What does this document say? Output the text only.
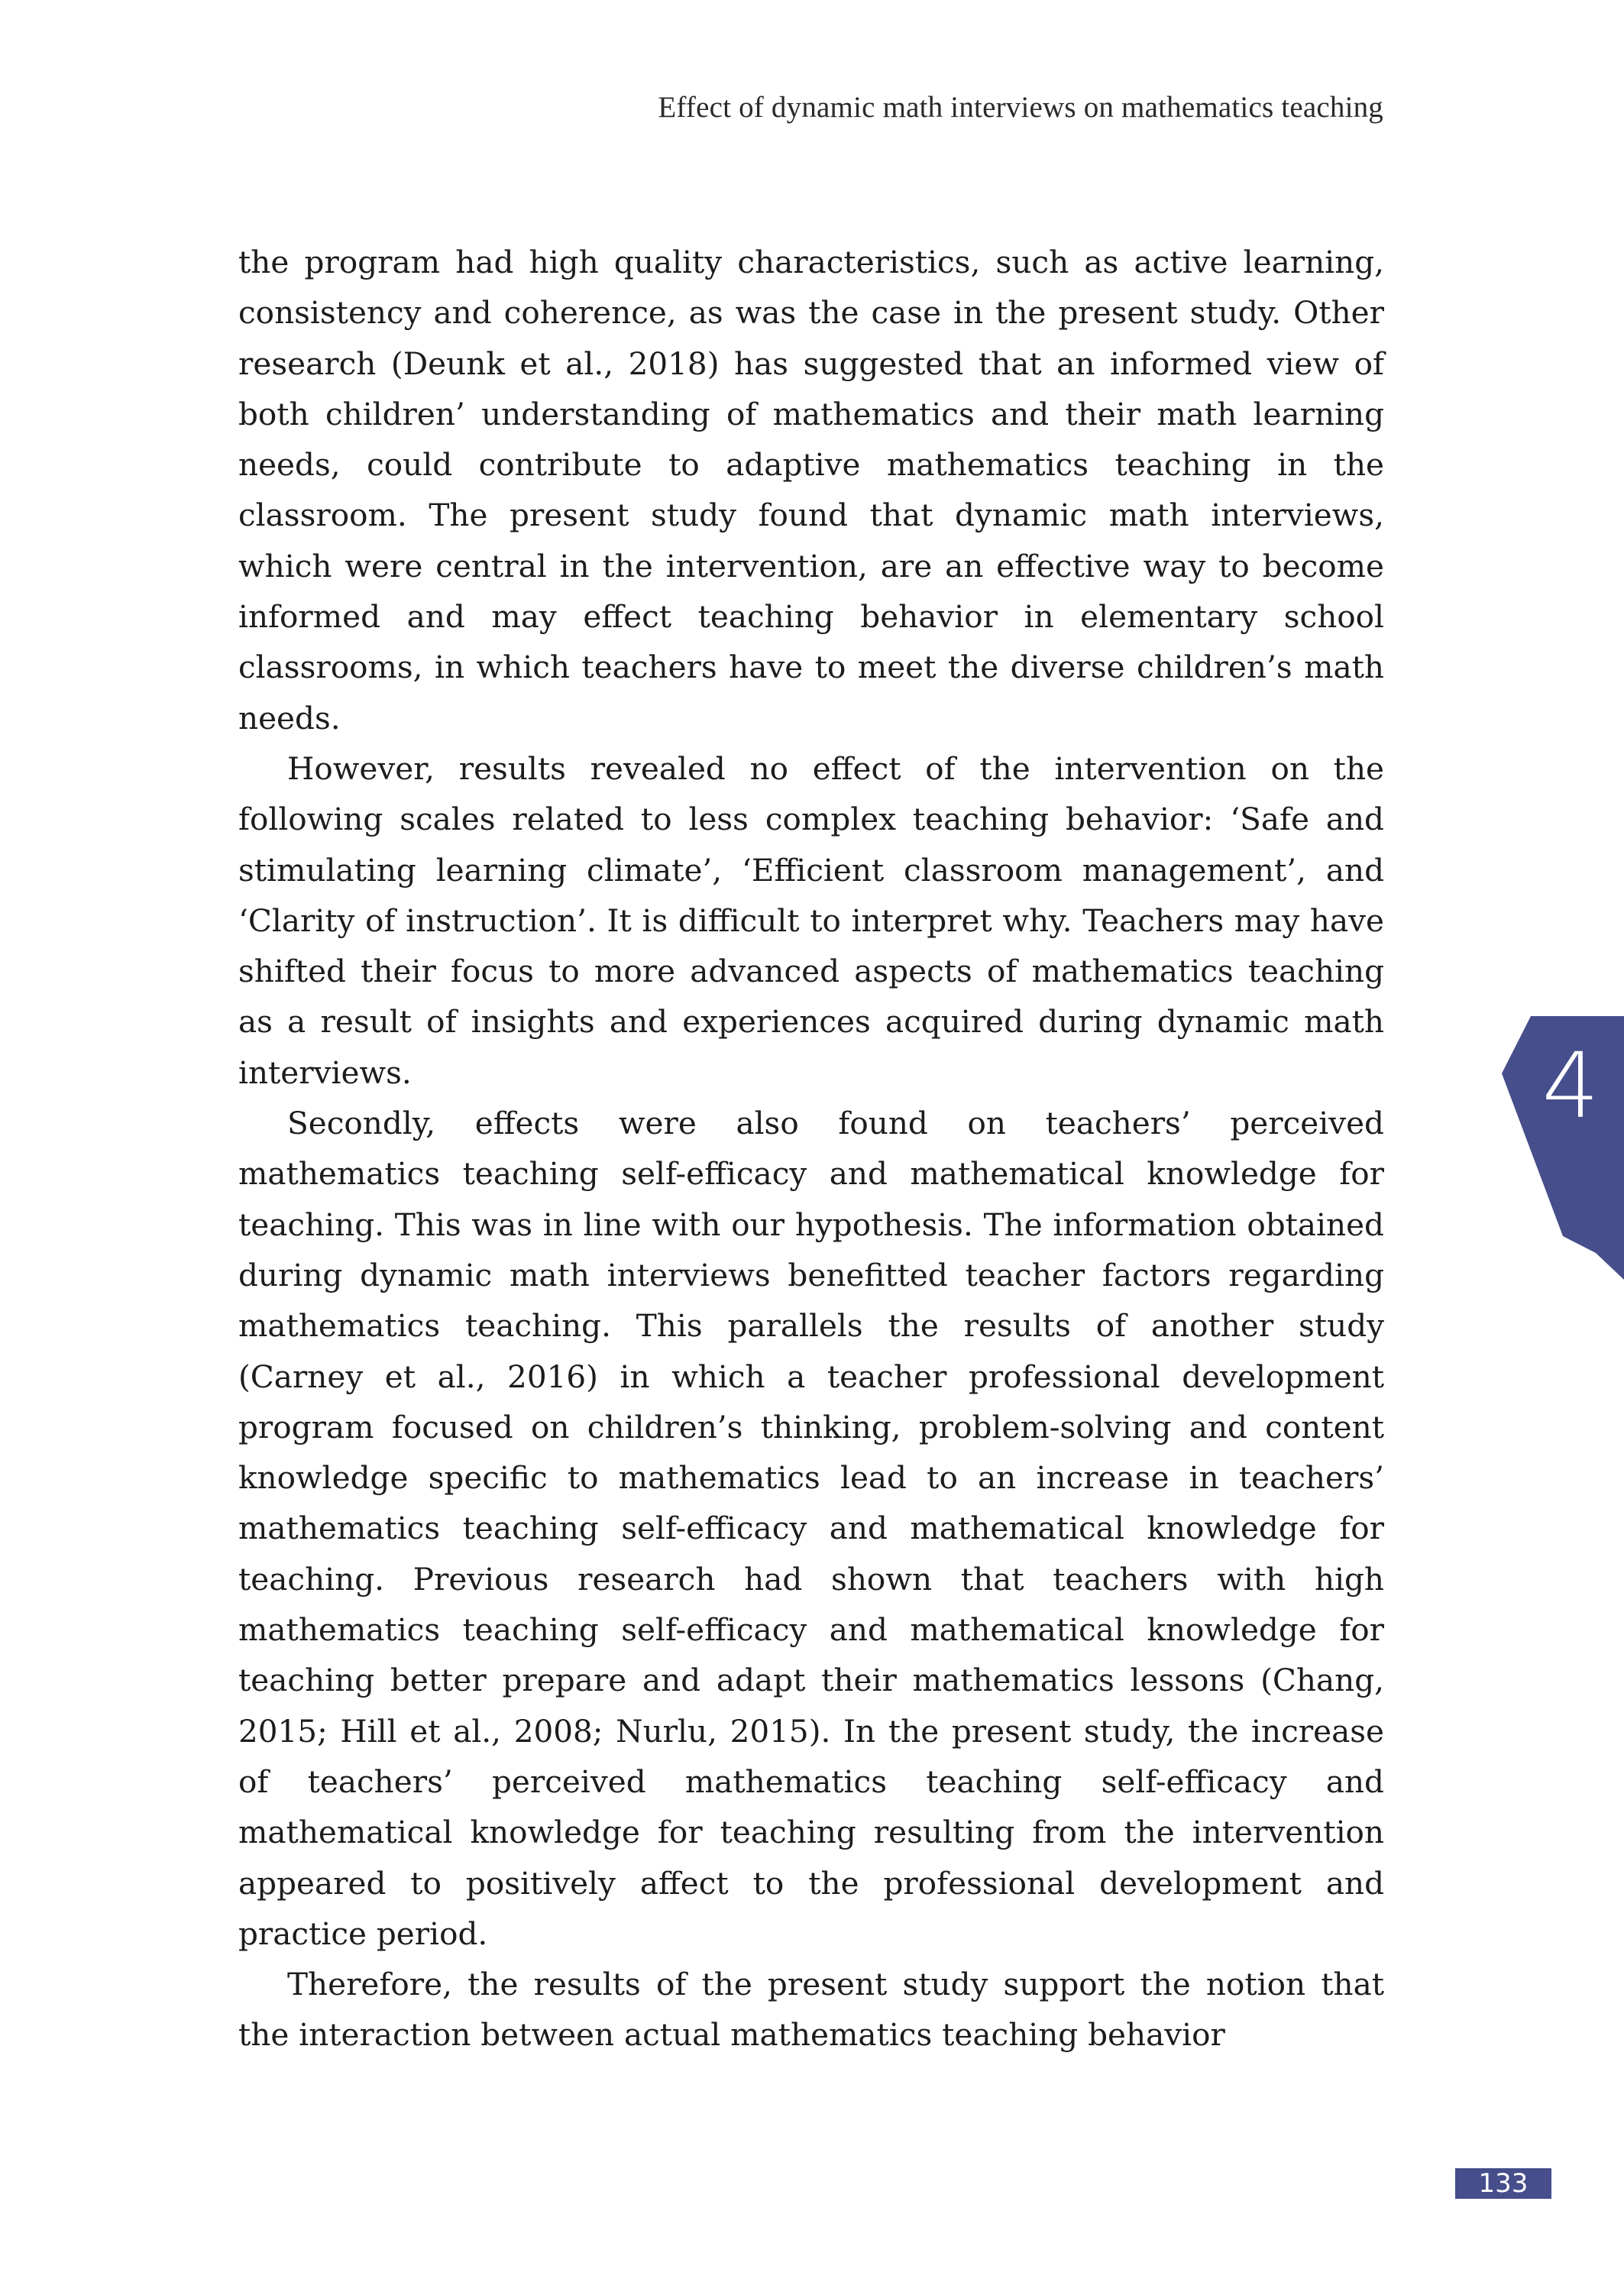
Effect of dynamic math interviews on mathematics teaching

the program had high quality characteristics, such as active learning, consistency and coherence, as was the case in the present study. Other research (Deunk et al., 2018) has suggested that an informed view of both children’ understanding of mathematics and their math learning needs, could contribute to adaptive mathematics teaching in the classroom. The present study found that dynamic math interviews, which were central in the intervention, are an effective way to become informed and may effect teaching behavior in elementary school classrooms, in which teachers have to meet the diverse children’s math needs.

However, results revealed no effect of the intervention on the following scales related to less complex teaching behavior: ‘Safe and stimulating learning climate’, ‘Efficient classroom management’, and ‘Clarity of instruction’. It is difficult to interpret why. Teachers may have shifted their focus to more advanced aspects of mathematics teaching as a result of insights and experiences acquired during dynamic math interviews.

Secondly, effects were also found on teachers’ perceived mathematics teaching self-efficacy and mathematical knowledge for teaching. This was in line with our hypothesis. The information obtained during dynamic math interviews benefitted teacher factors regarding mathematics teaching. This parallels the results of another study (Carney et al., 2016) in which a teacher professional development program focused on children’s thinking, problem-solving and content knowledge specific to mathematics lead to an increase in teachers’ mathematics teaching self-efficacy and mathematical knowledge for teaching. Previous research had shown that teachers with high mathematics teaching self-efficacy and mathematical knowledge for teaching better prepare and adapt their mathematics lessons (Chang, 2015; Hill et al., 2008; Nurlu, 2015). In the present study, the increase of teachers’ perceived mathematics teaching self-efficacy and mathematical knowledge for teaching resulting from the intervention appeared to positively affect to the professional development and practice period.

Therefore, the results of the present study support the notion that the interaction between actual mathematics teaching behavior

4
133
